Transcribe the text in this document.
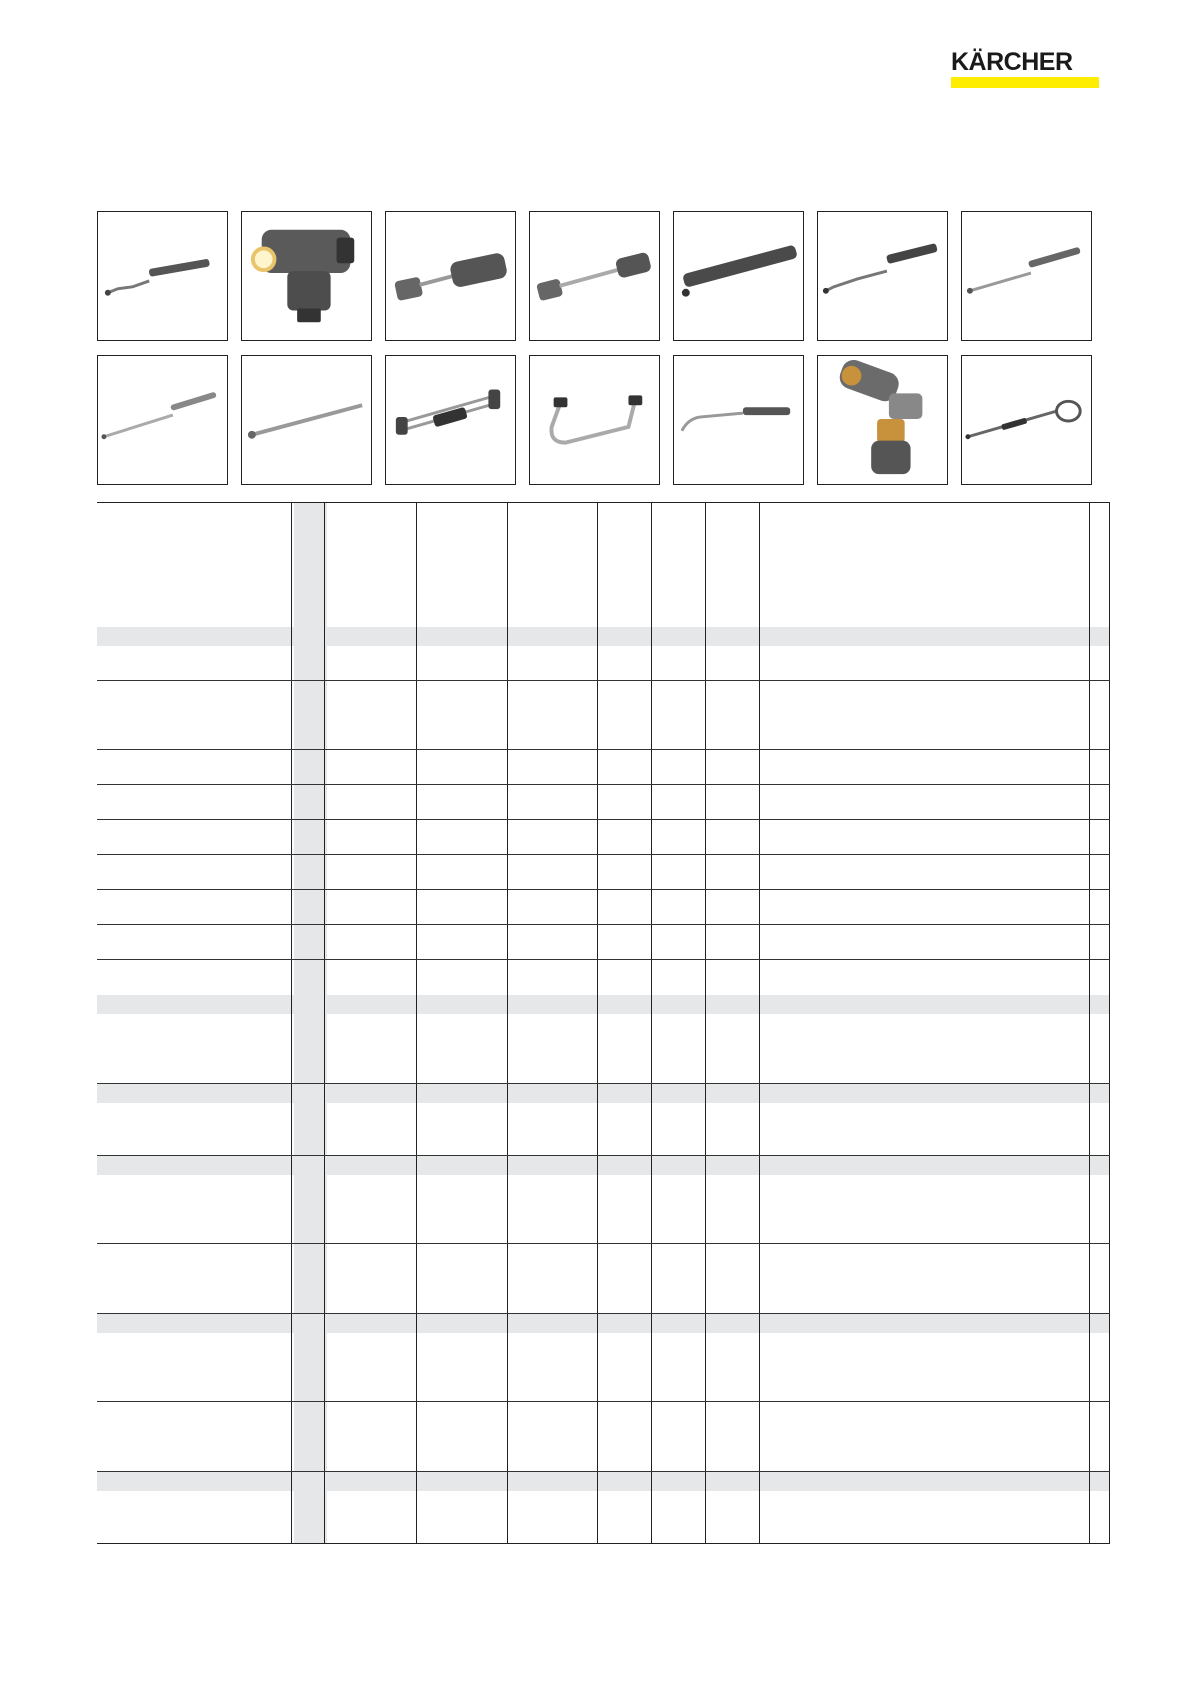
KÄRCHER
